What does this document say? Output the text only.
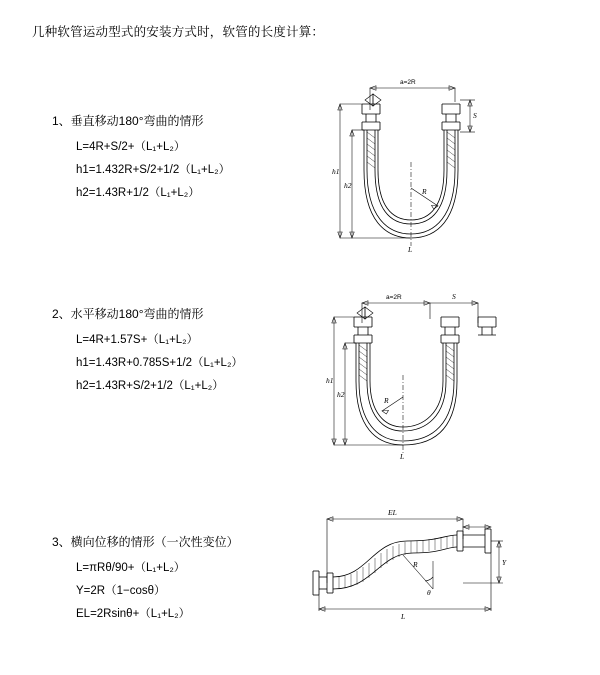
几种软管运动型式的安装方式时，软管的长度计算：
1、垂直移动180°弯曲的情形
L=4R+S/2+（L₁+L₂）
h1=1.432R+S/2+1/2（L₁+L₂）
h2=1.43R+1/2（L₁+L₂）
a=2R
S
h1
h2
R
L
2、水平移动180°弯曲的情形
L=4R+1.57S+（L₁+L₂）
h1=1.43R+0.785S+1/2（L₁+L₂）
h2=1.43R+S/2+1/2（L₁+L₂）
a=2R	S
h1
h2
R
L
3、横向位移的情形（一次性变位）
L=πRθ/90+（L₁+L₂）
Y=2R（1−cosθ）
EL=2Rsinθ+（L₁+L₂）
EL
Y
R
θ
L
